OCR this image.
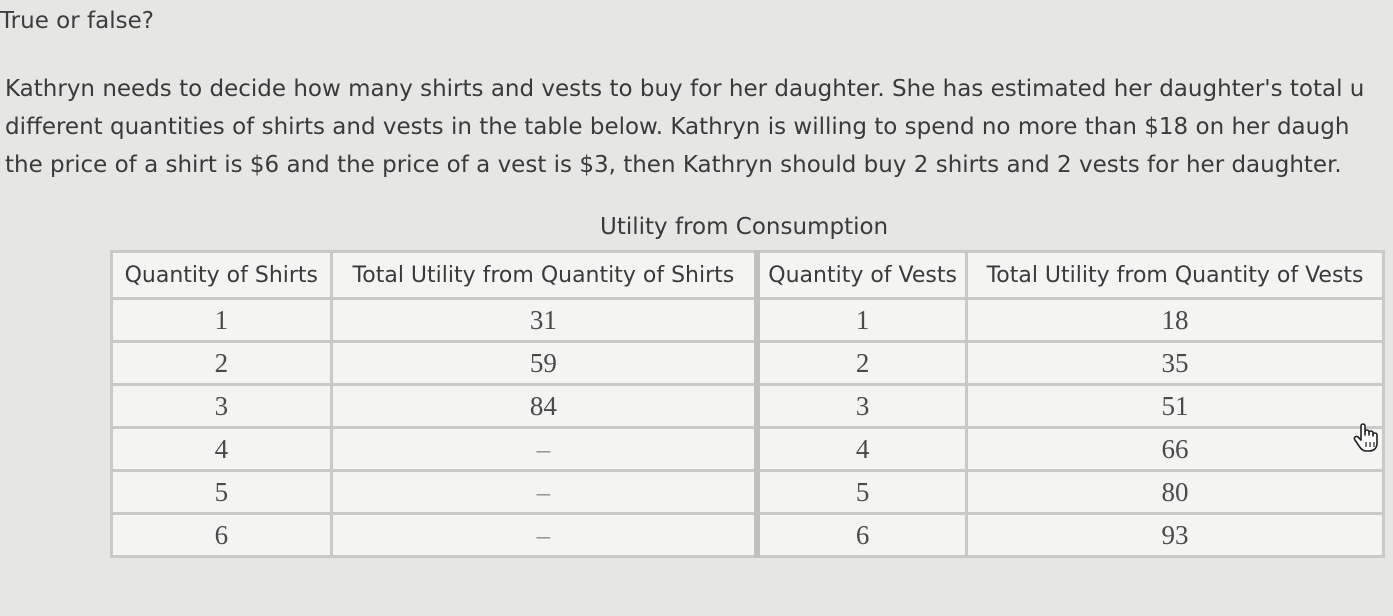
True or false?
Kathryn needs to decide how many shirts and vests to buy for her daughter. She has estimated her daughter's total u
different quantities of shirts and vests in the table below. Kathryn is willing to spend no more than $18 on her daugh
the price of a shirt is $6 and the price of a vest is $3, then Kathryn should buy 2 shirts and 2 vests for her daughter.
Utility from Consumption
Quantity of Shirts	Total Utility from Quantity of Shirts	Quantity of Vests	Total Utility from Quantity of Vests
1	31	1	18
2	59	2	35
3	84	3	51
4	–	4	66
5	–	5	80
6	–	6	93
